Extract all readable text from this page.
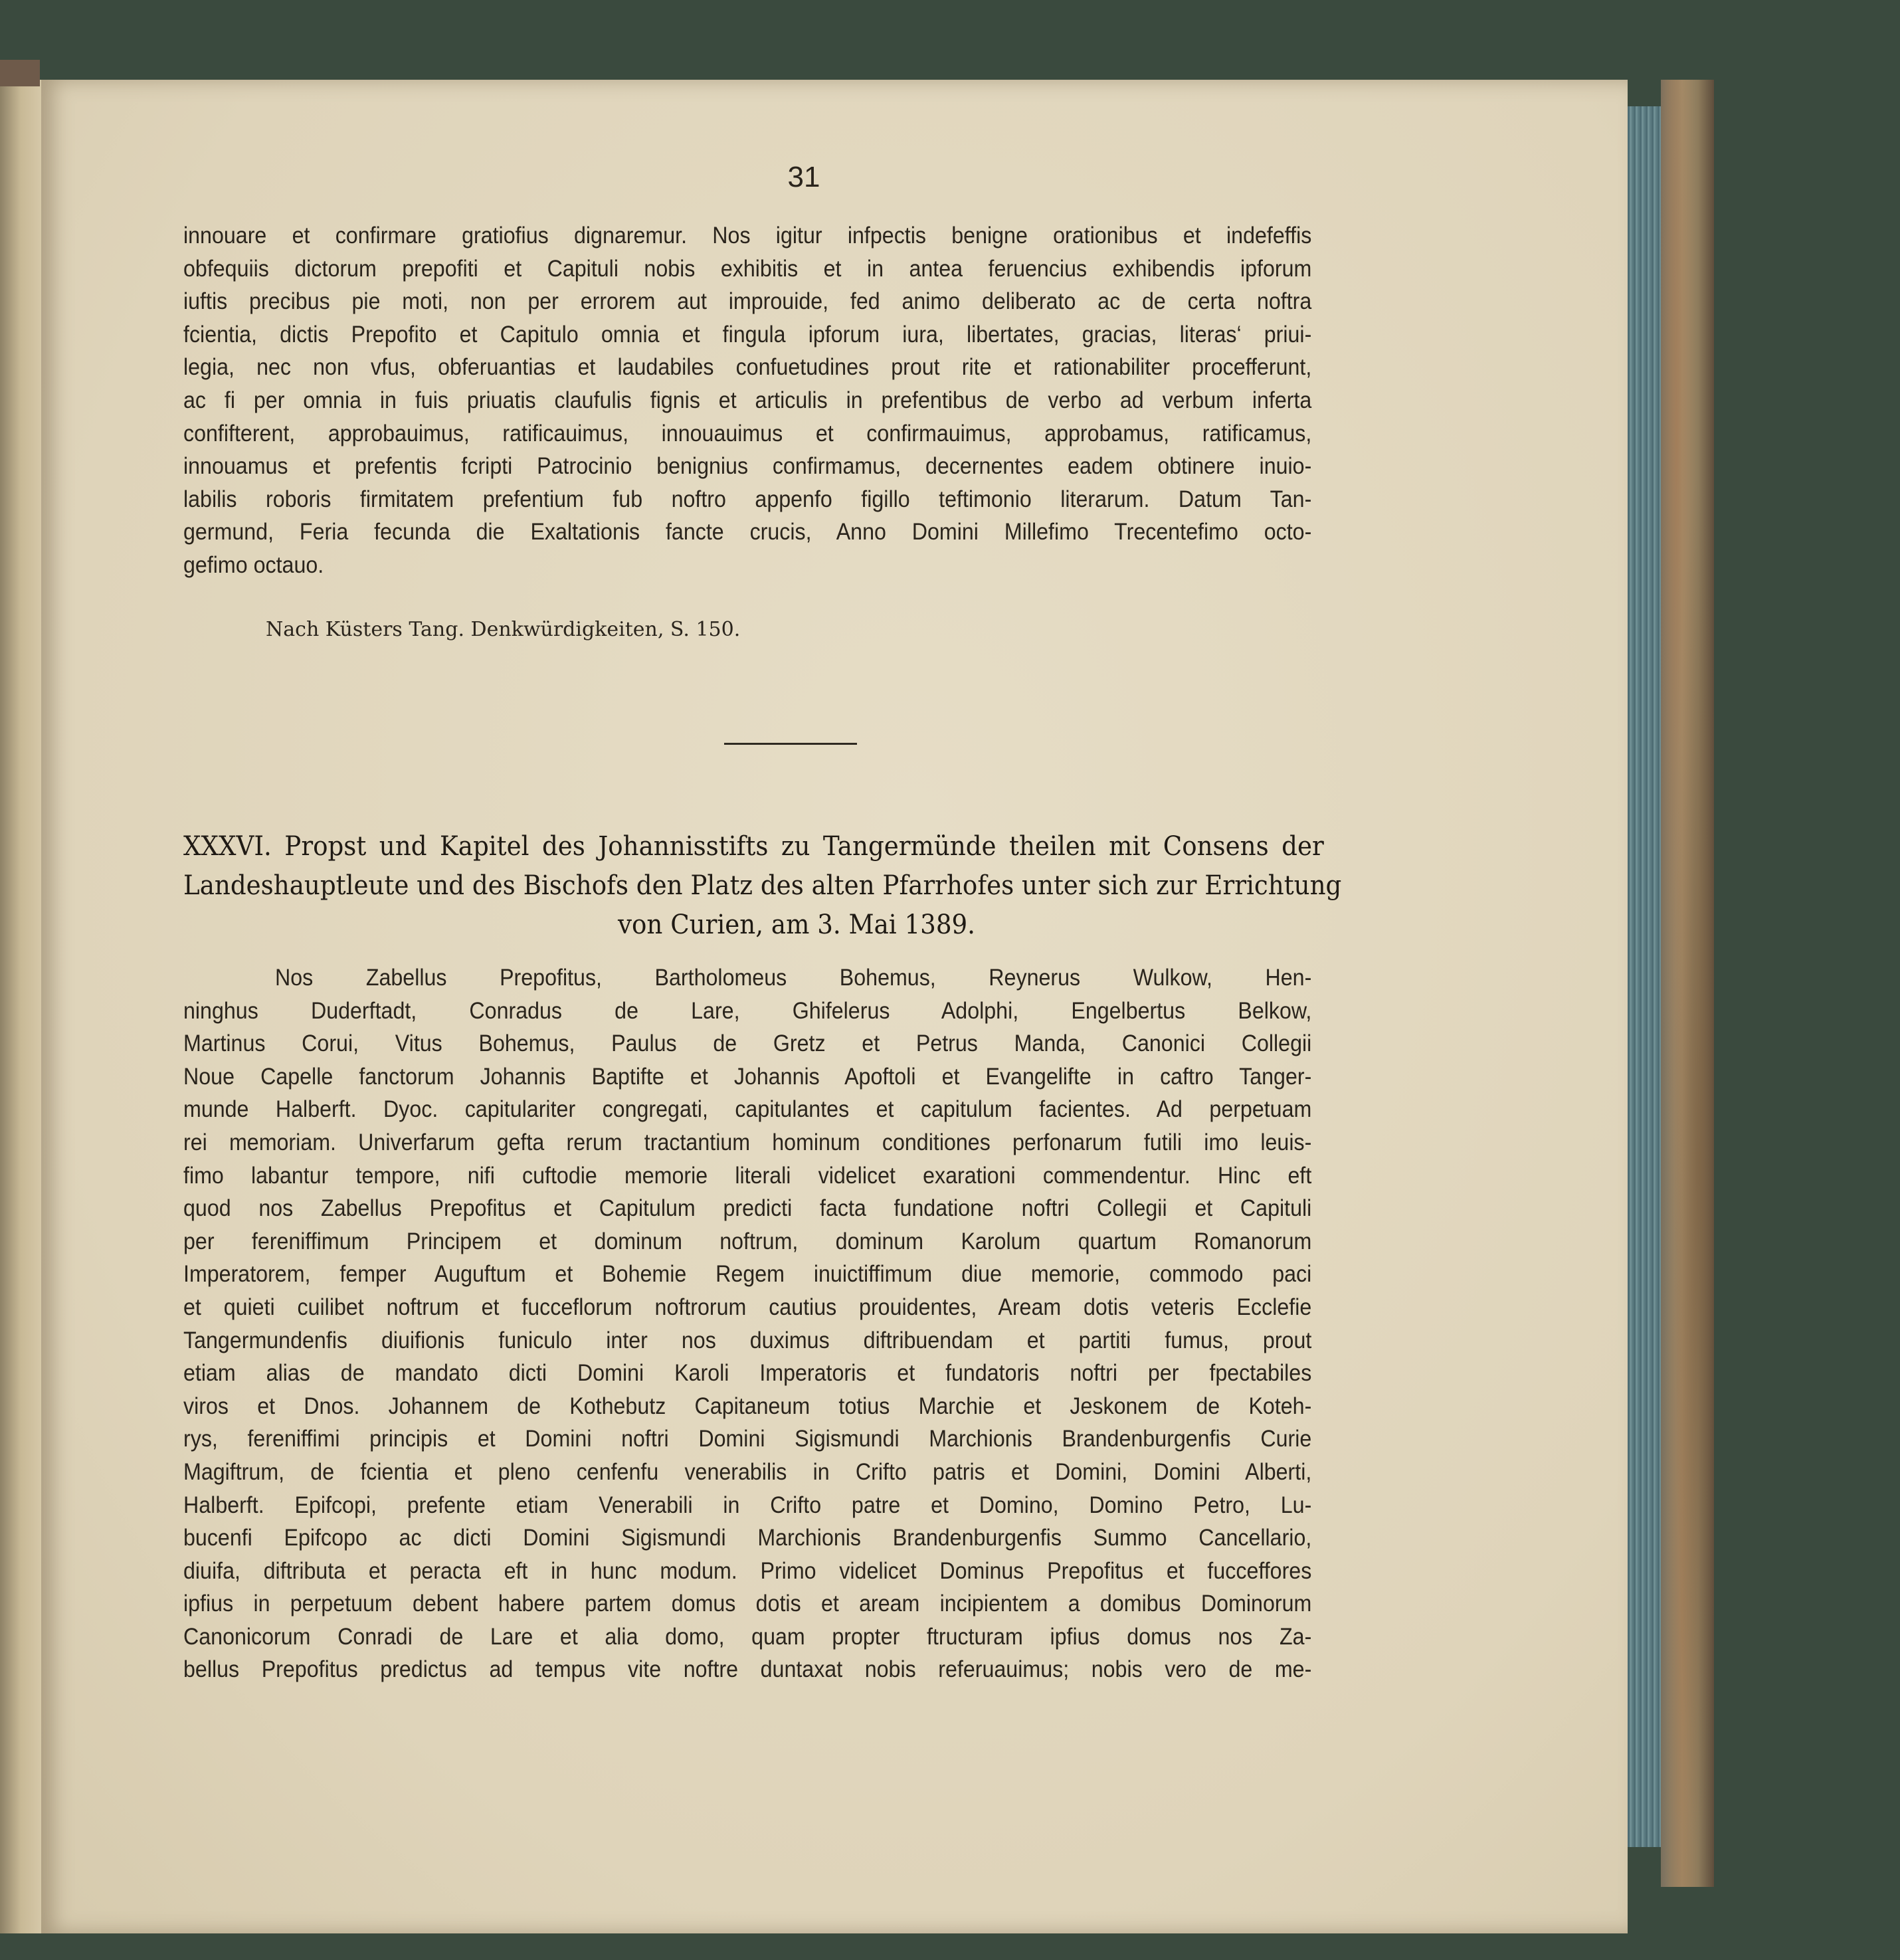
31
innouare et confirmare gratiofius dignaremur. Nos igitur infpectis benigne orationibus et indefeffis
obfequiis dictorum prepofiti et Capituli nobis exhibitis et in antea feruencius exhibendis ipforum
iuftis precibus pie moti, non per errorem aut improuide, fed animo deliberato ac de certa noftra
fcientia, dictis Prepofito et Capitulo omnia et fingula ipforum iura, libertates, gracias, literas‘ priui-
legia, nec non vfus, obferuantias et laudabiles confuetudines prout rite et rationabiliter procefferunt,
ac fi per omnia in fuis priuatis claufulis fignis et articulis in prefentibus de verbo ad verbum inferta
confifterent, approbauimus, ratificauimus, innouauimus et confirmauimus, approbamus, ratificamus,
innouamus et prefentis fcripti Patrocinio benignius confirmamus, decernentes eadem obtinere inuio-
labilis roboris firmitatem prefentium fub noftro appenfo figillo teftimonio literarum. Datum Tan-
germund, Feria fecunda die Exaltationis fancte crucis, Anno Domini Millefimo Trecentefimo octo-
gefimo octauo.
Nach Küsters Tang. Denkwürdigkeiten, S. 150.
XXXVI. Propst und Kapitel des Johannisstifts zu Tangermünde theilen mit Consens der
Landeshauptleute und des Bischofs den Platz des alten Pfarrhofes unter sich zur Errichtung
von Curien, am 3. Mai 1389.
Nos Zabellus Prepofitus, Bartholomeus Bohemus, Reynerus Wulkow, Hen-
ninghus Duderftadt, Conradus de Lare, Ghifelerus Adolphi, Engelbertus Belkow,
Martinus Corui, Vitus Bohemus, Paulus de Gretz et Petrus Manda, Canonici Collegii
Noue Capelle fanctorum Johannis Baptifte et Johannis Apoftoli et Evangelifte in caftro Tanger-
munde Halberft. Dyoc. capitulariter congregati, capitulantes et capitulum facientes. Ad perpetuam
rei memoriam. Univerfarum gefta rerum tractantium hominum conditiones perfonarum futili imo leuis-
fimo labantur tempore, nifi cuftodie memorie literali videlicet exarationi commendentur. Hinc eft
quod nos Zabellus Prepofitus et Capitulum predicti facta fundatione noftri Collegii et Capituli
per fereniffimum Principem et dominum noftrum, dominum Karolum quartum Romanorum
Imperatorem, femper Auguftum et Bohemie Regem inuictiffimum diue memorie, commodo paci
et quieti cuilibet noftrum et fucceflorum noftrorum cautius prouidentes, Aream dotis veteris Ecclefie
Tangermundenfis diuifionis funiculo inter nos duximus diftribuendam et partiti fumus, prout
etiam alias de mandato dicti Domini Karoli Imperatoris et fundatoris noftri per fpectabiles
viros et Dnos. Johannem de Kothebutz Capitaneum totius Marchie et Jeskonem de Koteh-
rys, fereniffimi principis et Domini noftri Domini Sigismundi Marchionis Brandenburgenfis Curie
Magiftrum, de fcientia et pleno cenfenfu venerabilis in Crifto patris et Domini, Domini Alberti,
Halberft. Epifcopi, prefente etiam Venerabili in Crifto patre et Domino, Domino Petro, Lu-
bucenfi Epifcopo ac dicti Domini Sigismundi Marchionis Brandenburgenfis Summo Cancellario,
diuifa, diftributa et peracta eft in hunc modum. Primo videlicet Dominus Prepofitus et fucceffores
ipfius in perpetuum debent habere partem domus dotis et aream incipientem a domibus Dominorum
Canonicorum Conradi de Lare et alia domo, quam propter ftructuram ipfius domus nos Za-
bellus Prepofitus predictus ad tempus vite noftre duntaxat nobis referuauimus; nobis vero de me-
